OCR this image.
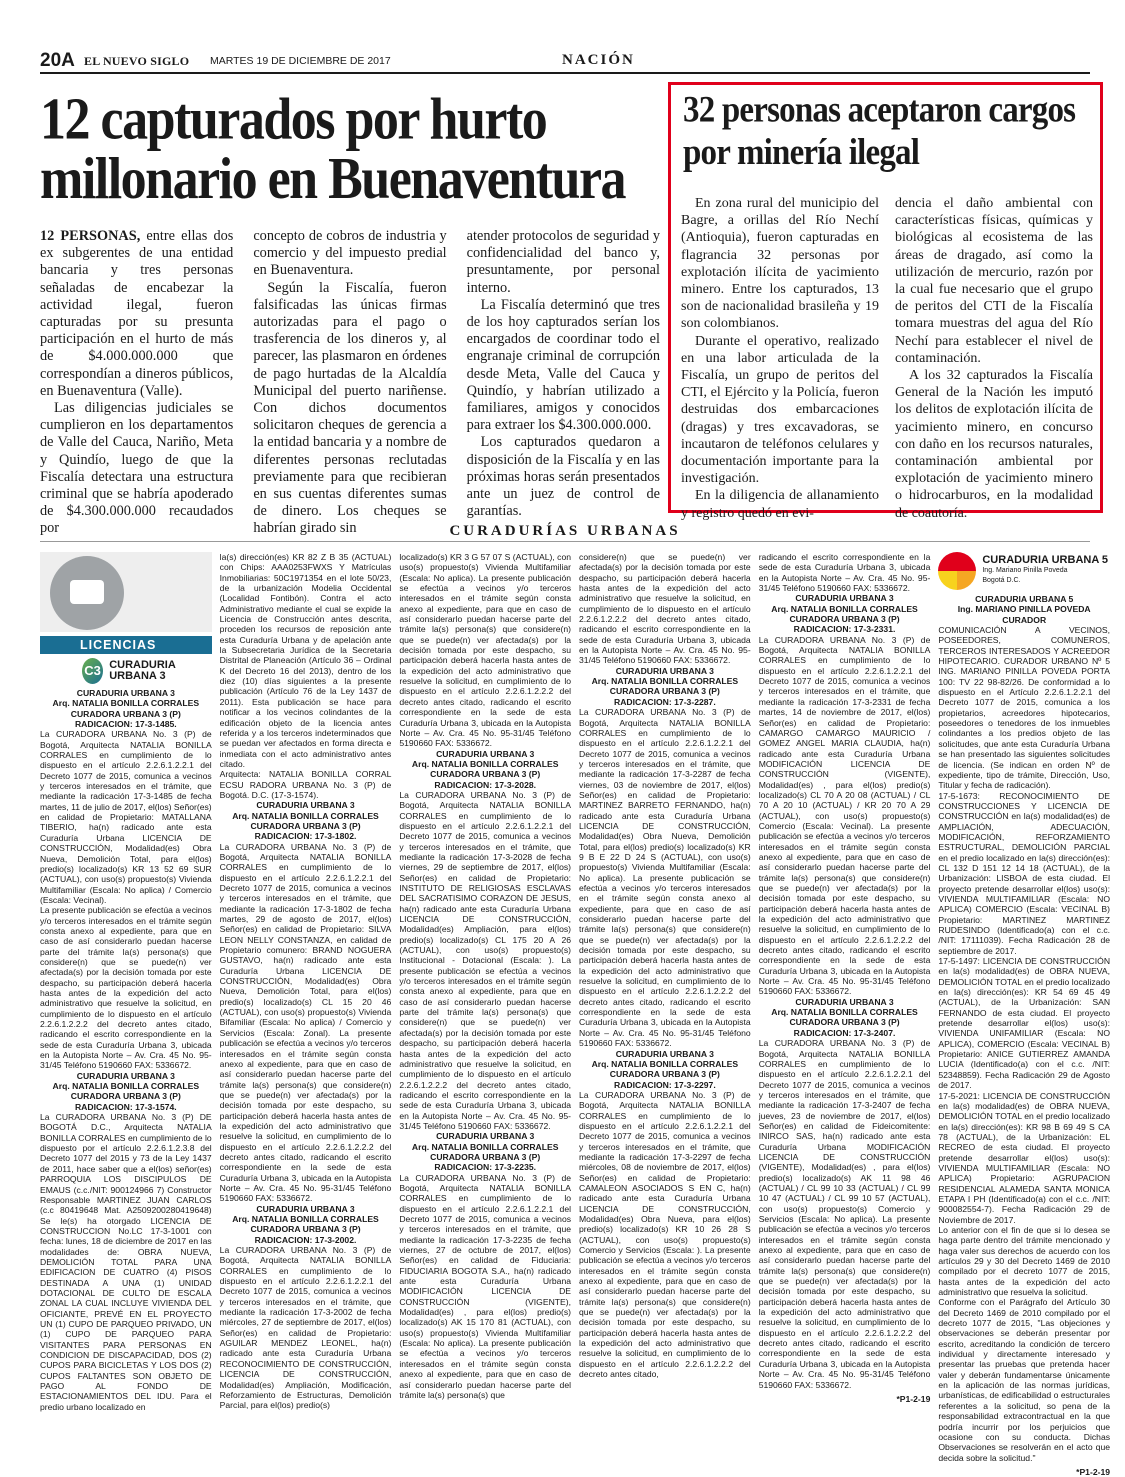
20A EL NUEVO SIGLO MARTES 19 DE DICIEMBRE DE 2017	NACIÓN
12 capturados por hurto millonario en Buenaventura

12 PERSONAS, entre ellas dos ex subgerentes de una entidad bancaria y tres personas señaladas de encabezar la actividad ilegal, fueron capturadas por su presunta participación en el hurto de más de $4.000.000.000 que correspondían a dineros públicos, en Buenaventura (Valle).

Las diligencias judiciales se cumplieron en los departamentos de Valle del Cauca, Nariño, Meta y Quindío, luego de que la Fiscalía detectara una estructura criminal que se habría apoderado de $4.300.000.000 recaudados por

concepto de cobros de industria y comercio y del impuesto predial en Buenaventura.

Según la Fiscalía, fueron falsificadas las únicas firmas autorizadas para el pago o trasferencia de los dineros y, al parecer, las plasmaron en órdenes de pago hurtadas de la Alcaldía Municipal del puerto nariñense. Con dichos documentos solicitaron cheques de gerencia a la entidad bancaria y a nombre de diferentes personas reclutadas previamente para que recibieran en sus cuentas diferentes sumas de dinero. Los cheques se habrían girado sin

atender protocolos de seguridad y confidencialidad del banco y, presuntamente, por personal interno.

La Fiscalía determinó que tres de los hoy capturados serían los encargados de coordinar todo el engranaje criminal de corrupción desde Meta, Valle del Cauca y Quindío, y habrían utilizado a familiares, amigos y conocidos para extraer los $4.300.000.000.

Los capturados quedaron a disposición de la Fiscalía y en las próximas horas serán presentados ante un juez de control de garantías.

32 personas aceptaron cargos por minería ilegal

En zona rural del municipio del Bagre, a orillas del Río Nechí (Antioquia), fueron capturadas en flagrancia 32 personas por explotación ilícita de yacimiento minero. Entre los capturados, 13 son de nacionalidad brasileña y 19 son colombianos.

Durante el operativo, realizado en una labor articulada de la Fiscalía, un grupo de peritos del CTI, el Ejército y la Policía, fueron destruidas dos embarcaciones (dragas) y tres excavadoras, se incautaron de teléfonos celulares y documentación importante para la investigación.

En la diligencia de allanamiento y registro quedó en evi-

dencia el daño ambiental con características físicas, químicas y biológicas al ecosistema de las áreas de dragado, así como la utilización de mercurio, razón por la cual fue necesario que el grupo de peritos del CTI de la Fiscalía tomara muestras del agua del Río Nechí para establecer el nivel de contaminación.

A los 32 capturados la Fiscalía General de la Nación les imputó los delitos de explotación ilícita de yacimiento minero, en concurso con daño en los recursos naturales, contaminación ambiental por explotación de yacimiento minero o hidrocarburos, en la modalidad de coautoría.

CURADURÍAS URBANAS
LICENCIAS
C3 CURADURIA URBANA 3
CURADURIA URBANA 3
Arq. NATALIA BONILLA CORRALES
CURADORA URBANA 3 (P)
RADICACION: 17-3-1485.
La CURADORA URBANA No. 3 (P) de Bogotá, Arquitecta NATALIA BONILLA CORRALES en cumplimiento de lo dispuesto en el artículo 2.2.6.1.2.2.1 del Decreto 1077 de 2015, comunica a vecinos y terceros interesados en el trámite, que mediante la radicación 17-3-1485 de fecha martes, 11 de julio de 2017, el(los) Señor(es) en calidad de Propietario: MATALLANA TIBERIO, ha(n) radicado ante esta Curaduría Urbana LICENCIA DE CONSTRUCCIÓN, Modalidad(es) Obra Nueva, Demolición Total, para el(los) predio(s) localizado(s) KR 13 52 69 SUR (ACTUAL), con uso(s) propuesto(s) Vivienda Multifamiliar (Escala: No aplica) / Comercio (Escala: Vecinal).
La presente publicación se efectúa a vecinos y/o terceros interesados en el trámite según consta anexo al expediente, para que en caso de así considerarlo puedan hacerse parte del trámite la(s) persona(s) que considere(n) que se puede(n) ver afectada(s) por la decisión tomada por este despacho, su participación deberá hacerla hasta antes de la expedición del acto administrativo que resuelve la solicitud, en cumplimiento de lo dispuesto en el artículo 2.2.6.1.2.2.2 del decreto antes citado, radicando el escrito correspondiente en la sede de esta Curaduría Urbana 3, ubicada en la Autopista Norte – Av. Cra. 45 No. 95-31/45 Teléfono 5190660 FAX: 5336672.
CURADURIA URBANA 3
Arq. NATALIA BONILLA CORRALES
CURADORA URBANA 3 (P)
RADICACION: 17-3-1574.
La CURADORA URBANA No. 3 (P) DE BOGOTÁ D.C., Arquitecta NATALIA BONILLA CORRALES en cumplimiento de lo dispuesto por el artículo 2.2.6.1.2.3.8 del Decreto 1077 del 2015 y 73 de la Ley 1437 de 2011, hace saber que a el(los) señor(es) PARROQUIA LOS DISCIPULOS DE EMAUS (c.c./NIT: 900124966 7) Constructor Responsable MARTINEZ JUAN CARLOS (c.c 80419648 Mat. A2509200280419648) Se le(s) ha otorgado LICENCIA DE CONSTRUCCION No.LC 17-3-1001 con fecha: lunes, 18 de diciembre de 2017 en las modalidades de: OBRA NUEVA, DEMOLICIÓN TOTAL PARA UNA EDIFICACION DE CUATRO (4) PISOS DESTINADA A UNA (1) UNIDAD DOTACIONAL DE CULTO DE ESCALA ZONAL LA CUAL INCLUYE VIVIENDA DEL OFICIANTE, PREVÉ EN EL PROYECTO UN (1) CUPO DE PARQUEO PRIVADO, UN (1) CUPO DE PARQUEO PARA VISITANTES PARA PERSONAS EN CONDICION DE DISCAPACIDAD, DOS (2) CUPOS PARA BICICLETAS Y LOS DOS (2) CUPOS FALTANTES SON OBJETO DE PAGO AL FONDO DE ESTACIONAMIENTOS DEL IDU. Para el predio urbano localizado en
la(s) dirección(es) KR 82 Z B 35 (ACTUAL) con Chips: AAA0253FWXS Y Matrículas Inmobiliarias: 50C1971354 en el lote 50/23, de la urbanización Modelia Occidental (Localidad Fontibón). Contra el acto Administrativo mediante el cual se expide la Licencia de Construcción antes descrita, proceden los recursos de reposición ante esta Curaduría Urbana y de apelación ante la Subsecretaria Jurídica de la Secretaria Distrital de Planeación (Artículo 36 – Ordinal K del Decreto 16 del 2013), dentro de los diez (10) días siguientes a la presente publicación (Artículo 76 de la Ley 1437 de 2011). Esta publicación se hace para notificar a los vecinos colindantes de la edificación objeto de la licencia antes referida y a los terceros indeterminados que se puedan ver afectados en forma directa e inmediata con el acto administrativo antes citado.
Arquitecta: NATALIA BONILLA CORRAL ECSU RADORA URBANA No. 3 (P) de Bogotá. D.C. (17-3-1574).
CURADURIA URBANA 3
Arq. NATALIA BONILLA CORRALES
CURADORA URBANA 3 (P)
RADICACION: 17-3-1802.
La CURADORA URBANA No. 3 (P) de Bogotá, Arquitecta NATALIA BONILLA CORRALES en cumplimiento de lo dispuesto en el artículo 2.2.6.1.2.2.1 del Decreto 1077 de 2015, comunica a vecinos y terceros interesados en el trámite, que mediante la radicación 17-3-1802 de fecha martes, 29 de agosto de 2017, el(los) Señor(es) en calidad de Propietario: SILVA LEON NELLY CONSTANZA, en calidad de Propietario comunero: BRAND NOGUERA GUSTAVO, ha(n) radicado ante esta Curaduría Urbana LICENCIA DE CONSTRUCCIÓN, Modalidad(es) Obra Nueva, Demolición Total, para el(los) predio(s) localizado(s) CL 15 20 46 (ACTUAL), con uso(s) propuesto(s) Vivienda Bifamiliar (Escala: No aplica) / Comercio y Servicios (Escala: Zonal). La presente publicación se efectúa a vecinos y/o terceros interesados en el trámite según consta anexo al expediente, para que en caso de así considerarlo puedan hacerse parte del trámite la(s) persona(s) que considere(n) que se puede(n) ver afectada(s) por la decisión tomada por este despacho, su participación deberá hacerla hasta antes de la expedición del acto administrativo que resuelve la solicitud, en cumplimiento de lo dispuesto en el artículo 2.2.6.1.2.2.2 del decreto antes citado, radicando el escrito correspondiente en la sede de esta Curaduría Urbana 3, ubicada en la Autopista Norte – Av. Cra. 45 No. 95-31/45 Teléfono 5190660 FAX: 5336672.
CURADURIA URBANA 3
Arq. NATALIA BONILLA CORRALES
CURADORA URBANA 3 (P)
RADICACION: 17-3-2002.
La CURADORA URBANA No. 3 (P) de Bogotá, Arquitecta NATALIA BONILLA CORRALES en cumplimiento de lo dispuesto en el artículo 2.2.6.1.2.2.1 del Decreto 1077 de 2015, comunica a vecinos y terceros interesados en el trámite, que mediante la radicación 17-3-2002 de fecha miércoles, 27 de septiembre de 2017, el(los) Señor(es) en calidad de Propietario: AGUILAR MENDEZ LEONEL, ha(n) radicado ante esta Curaduría Urbana RECONOCIMIENTO DE CONSTRUCCIÓN, LICENCIA DE CONSTRUCCIÓN, Modalidad(es) Ampliación, Modificación, Reforzamiento de Estructuras, Demolición Parcial, para el(los) predio(s)
localizado(s) KR 3 G 57 07 S (ACTUAL), con uso(s) propuesto(s) Vivienda Multifamiliar (Escala: No aplica). La presente publicación se efectúa a vecinos y/o terceros interesados en el trámite según consta anexo al expediente, para que en caso de así considerarlo puedan hacerse parte del trámite la(s) persona(s) que considere(n) que se puede(n) ver afectada(s) por la decisión tomada por este despacho, su participación deberá hacerla hasta antes de la expedición del acto administrativo que resuelve la solicitud, en cumplimiento de lo dispuesto en el artículo 2.2.6.1.2.2.2 del decreto antes citado, radicando el escrito correspondiente en la sede de esta Curaduría Urbana 3, ubicada en la Autopista Norte – Av. Cra. 45 No. 95-31/45 Teléfono 5190660 FAX: 5336672.
CURADURIA URBANA 3
Arq. NATALIA BONILLA CORRALES
CURADORA URBANA 3 (P)
RADICACION: 17-3-2028.
La CURADORA URBANA No. 3 (P) de Bogotá, Arquitecta NATALIA BONILLA CORRALES en cumplimiento de lo dispuesto en el artículo 2.2.6.1.2.2.1 del Decreto 1077 de 2015, comunica a vecinos y terceros interesados en el trámite, que mediante la radicación 17-3-2028 de fecha viernes, 29 de septiembre de 2017, el(los) Señor(es) en calidad de Propietario: INSTITUTO DE RELIGIOSAS ESCLAVAS DEL SACRATISIMO CORAZON DE JESUS, ha(n) radicado ante esta Curaduría Urbana LICENCIA DE CONSTRUCCIÓN, Modalidad(es) Ampliación, para el(los) predio(s) localizado(s) CL 175 20 A 26 (ACTUAL), con uso(s) propuesto(s) Institucional - Dotacional (Escala: ). La presente publicación se efectúa a vecinos y/o terceros interesados en el trámite según consta anexo al expediente, para que en caso de así considerarlo puedan hacerse parte del trámite la(s) persona(s) que considere(n) que se puede(n) ver afectada(s) por la decisión tomada por este despacho, su participación deberá hacerla hasta antes de la expedición del acto administrativo que resuelve la solicitud, en cumplimiento de lo dispuesto en el artículo 2.2.6.1.2.2.2 del decreto antes citado, radicando el escrito correspondiente en la sede de esta Curaduría Urbana 3, ubicada en la Autopista Norte – Av. Cra. 45 No. 95-31/45 Teléfono 5190660 FAX: 5336672.
CURADURIA URBANA 3
Arq. NATALIA BONILLA CORRALES
CURADORA URBANA 3 (P)
RADICACION: 17-3-2235.
La CURADORA URBANA No. 3 (P) de Bogotá, Arquitecta NATALIA BONILLA CORRALES en cumplimiento de lo dispuesto en el artículo 2.2.6.1.2.2.1 del Decreto 1077 de 2015, comunica a vecinos y terceros interesados en el trámite, que mediante la radicación 17-3-2235 de fecha viernes, 27 de octubre de 2017, el(los) Señor(es) en calidad de Fiduciaria: FIDUCIARIA BOGOTA S.A., ha(n) radicado ante esta Curaduría Urbana MODIFICACIÓN LICENCIA DE CONSTRUCCIÓN (VIGENTE), Modalidad(es) , para el(los) predio(s) localizado(s) AK 15 170 81 (ACTUAL), con uso(s) propuesto(s) Vivienda Multifamiliar (Escala: No aplica). La presente publicación se efectúa a vecinos y/o terceros interesados en el trámite según consta anexo al expediente, para que en caso de así considerarlo puedan hacerse parte del trámite la(s) persona(s) que
considere(n) que se puede(n) ver afectada(s) por la decisión tomada por este despacho, su participación deberá hacerla hasta antes de la expedición del acto administrativo que resuelve la solicitud, en cumplimiento de lo dispuesto en el artículo 2.2.6.1.2.2.2 del decreto antes citado, radicando el escrito correspondiente en la sede de esta Curaduría Urbana 3, ubicada en la Autopista Norte – Av. Cra. 45 No. 95-31/45 Teléfono 5190660 FAX: 5336672.
CURADURIA URBANA 3
Arq. NATALIA BONILLA CORRALES
CURADORA URBANA 3 (P)
RADICACION: 17-3-2287.
La CURADORA URBANA No. 3 (P) de Bogotá, Arquitecta NATALIA BONILLA CORRALES en cumplimiento de lo dispuesto en el artículo 2.2.6.1.2.2.1 del Decreto 1077 de 2015, comunica a vecinos y terceros interesados en el trámite, que mediante la radicación 17-3-2287 de fecha viernes, 03 de noviembre de 2017, el(los) Señor(es) en calidad de Propietario: MARTINEZ BARRETO FERNANDO, ha(n) radicado ante esta Curaduría Urbana LICENCIA DE CONSTRUCCIÓN, Modalidad(es) Obra Nueva, Demolición Total, para el(los) predio(s) localizado(s) KR 9 B E 22 D 24 S (ACTUAL), con uso(s) propuesto(s) Vivienda Multifamiliar (Escala: No aplica). La presente publicación se efectúa a vecinos y/o terceros interesados en el trámite según consta anexo al expediente, para que en caso de así considerarlo puedan hacerse parte del trámite la(s) persona(s) que considere(n) que se puede(n) ver afectada(s) por la decisión tomada por este despacho, su participación deberá hacerla hasta antes de la expedición del acto administrativo que resuelve la solicitud, en cumplimiento de lo dispuesto en el artículo 2.2.6.1.2.2.2 del decreto antes citado, radicando el escrito correspondiente en la sede de esta Curaduría Urbana 3, ubicada en la Autopista Norte – Av. Cra. 45 No. 95-31/45 Teléfono 5190660 FAX: 5336672.
CURADURIA URBANA 3
Arq. NATALIA BONILLA CORRALES
CURADORA URBANA 3 (P)
RADICACION: 17-3-2297.
La CURADORA URBANA No. 3 (P) de Bogotá, Arquitecta NATALIA BONILLA CORRALES en cumplimiento de lo dispuesto en el artículo 2.2.6.1.2.2.1 del Decreto 1077 de 2015, comunica a vecinos y terceros interesados en el trámite, que mediante la radicación 17-3-2297 de fecha miércoles, 08 de noviembre de 2017, el(los) Señor(es) en calidad de Propietario: CAMALEON ASOCIADOS S EN C, ha(n) radicado ante esta Curaduría Urbana LICENCIA DE CONSTRUCCIÓN, Modalidad(es) Obra Nueva, para el(los) predio(s) localizado(s) KR 10 26 28 S (ACTUAL), con uso(s) propuesto(s) Comercio y Servicios (Escala: ). La presente publicación se efectúa a vecinos y/o terceros interesados en el trámite según consta anexo al expediente, para que en caso de así considerarlo puedan hacerse parte del trámite la(s) persona(s) que considere(n) que se puede(n) ver afectada(s) por la decisión tomada por este despacho, su participación deberá hacerla hasta antes de la expedición del acto administrativo que resuelve la solicitud, en cumplimiento de lo dispuesto en el artículo 2.2.6.1.2.2.2 del decreto antes citado,
radicando el escrito correspondiente en la sede de esta Curaduría Urbana 3, ubicada en la Autopista Norte – Av. Cra. 45 No. 95-31/45 Teléfono 5190660 FAX: 5336672.
CURADURIA URBANA 3
Arq. NATALIA BONILLA CORRALES
CURADORA URBANA 3 (P)
RADICACION: 17-3-2331.
La CURADORA URBANA No. 3 (P) de Bogotá, Arquitecta NATALIA BONILLA CORRALES en cumplimiento de lo dispuesto en el artículo 2.2.6.1.2.2.1 del Decreto 1077 de 2015, comunica a vecinos y terceros interesados en el trámite, que mediante la radicación 17-3-2331 de fecha martes, 14 de noviembre de 2017, el(los) Señor(es) en calidad de Propietario: CAMARGO CAMARGO MAURICIO / GOMEZ ANGEL MARIA CLAUDIA, ha(n) radicado ante esta Curaduría Urbana MODIFICACIÓN LICENCIA DE CONSTRUCCIÓN (VIGENTE), Modalidad(es) , para el(los) predio(s) localizado(s) CL 70 A 20 08 (ACTUAL) / CL 70 A 20 10 (ACTUAL) / KR 20 70 A 29 (ACTUAL), con uso(s) propuesto(s) Comercio (Escala: Vecinal). La presente publicación se efectúa a vecinos y/o terceros interesados en el trámite según consta anexo al expediente, para que en caso de así considerarlo puedan hacerse parte del trámite la(s) persona(s) que considere(n) que se puede(n) ver afectada(s) por la decisión tomada por este despacho, su participación deberá hacerla hasta antes de la expedición del acto administrativo que resuelve la solicitud, en cumplimiento de lo dispuesto en el artículo 2.2.6.1.2.2.2 del decreto antes citado, radicando el escrito correspondiente en la sede de esta Curaduría Urbana 3, ubicada en la Autopista Norte – Av. Cra. 45 No. 95-31/45 Teléfono 5190660 FAX: 5336672.
CURADURIA URBANA 3
Arq. NATALIA BONILLA CORRALES
CURADORA URBANA 3 (P)
RADICACION: 17-3-2407.
La CURADORA URBANA No. 3 (P) de Bogotá, Arquitecta NATALIA BONILLA CORRALES en cumplimiento de lo dispuesto en el artículo 2.2.6.1.2.2.1 del Decreto 1077 de 2015, comunica a vecinos y terceros interesados en el trámite, que mediante la radicación 17-3-2407 de fecha jueves, 23 de noviembre de 2017, el(los) Señor(es) en calidad de Fideicomitente: INIRCO SAS, ha(n) radicado ante esta Curaduría Urbana MODIFICACIÓN LICENCIA DE CONSTRUCCIÓN (VIGENTE), Modalidad(es) , para el(los) predio(s) localizado(s) AK 11 98 46 (ACTUAL) / CL 99 10 33 (ACTUAL) / CL 99 10 47 (ACTUAL) / CL 99 10 57 (ACTUAL), con uso(s) propuesto(s) Comercio y Servicios (Escala: No aplica). La presente publicación se efectúa a vecinos y/o terceros interesados en el trámite según consta anexo al expediente, para que en caso de así considerarlo puedan hacerse parte del trámite la(s) persona(s) que considere(n) que se puede(n) ver afectada(s) por la decisión tomada por este despacho, su participación deberá hacerla hasta antes de la expedición del acto administrativo que resuelve la solicitud, en cumplimiento de lo dispuesto en el artículo 2.2.6.1.2.2.2 del decreto antes citado, radicando el escrito correspondiente en la sede de esta Curaduría Urbana 3, ubicada en la Autopista Norte – Av. Cra. 45 No. 95-31/45 Teléfono 5190660 FAX: 5336672.
*P1-2-19
CURADURIA URBANA 5
Ing. Mariano Pinilla Poveda
Bogotá D.C.
CURADURIA URBANA 5
Ing. MARIANO PINILLA POVEDA
CURADOR
COMUNICACIÓN A VECINOS, POSEEDORES, COMUNEROS, TERCEROS INTERESADOS Y ACREEDOR HIPOTECARIO. CURADOR URBANO Nº 5 ING. MARIANO PINILLA POVEDA PORTA 100: TV 22 98-82/26. De conformidad a lo dispuesto en el Artículo 2.2.6.1.2.2.1 del Decreto 1077 de 2015, comunica a los propietarios, acreedores hipotecarios, poseedores o tenedores de los inmuebles colindantes a los predios objeto de las solicitudes, que ante esta Curaduría Urbana se han presentado las siguientes solicitudes de licencia. (Se indican en orden Nº de expediente, tipo de trámite, Dirección, Uso, Titular y fecha de radicación).
17-5-1673: RECONOCIMIENTO DE CONSTRUCCIONES Y LICENCIA DE CONSTRUCCIÓN en la(s) modalidad(es) de AMPLIACIÓN, ADECUACIÓN, MODIFICACIÓN, REFORZAMIENTO ESTRUCTURAL, DEMOLICIÓN PARCIAL en el predio localizado en la(s) dirección(es): CL 132 D 151 12 14 18 (ACTUAL), de la Urbanización: LISBOA de esta ciudad. El proyecto pretende desarrollar el(los) uso(s): VIVIENDA MULTIFAMILIAR (Escala: NO APLICA) COMERCIO (Escala: VECINAL B) Propietario: MARTINEZ MARTINEZ RUDESINDO (Identificado(a) con el c.c. /NIT: 17111039). Fecha Radicación 28 de septiembre de 2017.
17-5-1497: LICENCIA DE CONSTRUCCIÓN en la(s) modalidad(es) de OBRA NUEVA, DEMOLICIÓN TOTAL en el predio localizado en la(s) dirección(es): KR 54 69 45 49 (ACTUAL), de la Urbanización: SAN FERNANDO de esta ciudad. El proyecto pretende desarrollar el(los) uso(s): VIVIENDA UNIFAMILIAR (Escala: NO APLICA), COMERCIO (Escala: VECINAL B) Propietario: ANICE GUTIERREZ AMANDA LUCIA (Identificado(a) con el c.c. /NIT: 52348859). Fecha Radicación 29 de Agosto de 2017.
17-5-2021: LICENCIA DE CONSTRUCCIÓN en la(s) modalidad(es) de OBRA NUEVA, DEMOLICIÓN TOTAL en el predio localizado en la(s) dirección(es): KR 98 B 69 49 S CA 78 (ACTUAL), de la Urbanización: EL RECREO de esta ciudad. El proyecto pretende desarrollar el(los) uso(s): VIVIENDA MULTIFAMILIAR (Escala: NO APLICA) Propietario: AGRUPACION RESIDENCIAL ALAMEDA SANTA MONICA ETAPA I PH (Identificado(a) con el c.c. /NIT: 900082554-7). Fecha Radicación 29 de Noviembre de 2017.
Lo anterior con el fin de que si lo desea se haga parte dentro del trámite mencionado y haga valer sus derechos de acuerdo con los artículos 29 y 30 del Decreto 1469 de 2010 compilado por el decreto 1077 de 2015, hasta antes de la expedición del acto administrativo que resuelva la solicitud.
Conforme con el Parágrafo del Artículo 30 del Decreto 1469 de 2010 compilado por el decreto 1077 de 2015, "Las objeciones y observaciones se deberán presentar por escrito, acreditando la condición de tercero individual y directamente interesado y presentar las pruebas que pretenda hacer valer y deberán fundamentarse únicamente en la aplicación de las normas jurídicas, urbanísticas, de edificabilidad o estructurales referentes a la solicitud, so pena de la responsabilidad extracontractual en la que podría incurrir por los perjuicios que ocasione con su conducta. Dichas Observaciones se resolverán en el acto que decida sobre la solicitud."
*P1-2-19
